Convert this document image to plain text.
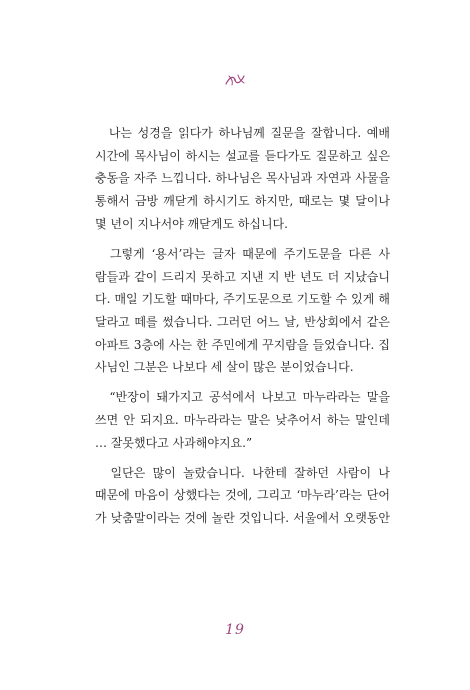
　나는 성경을 읽다가 하나님께 질문을 잘합니다. 예배
시간에 목사님이 하시는 설교를 듣다가도 질문하고 싶은
충동을 자주 느낍니다. 하나님은 목사님과 자연과 사물을
통해서 금방 깨닫게 하시기도 하지만, 때로는 몇 달이나
몇 년이 지나서야 깨닫게도 하십니다.
　그렇게 ‘용서’라는 글자 때문에 주기도문을 다른 사
람들과 같이 드리지 못하고 지낸 지 반 년도 더 지났습니
다. 매일 기도할 때마다, 주기도문으로 기도할 수 있게 해
달라고 떼를 썼습니다. 그러던 어느 날, 반상회에서 같은
아파트 3층에 사는 한 주민에게 꾸지람을 들었습니다. 집
사님인 그분은 나보다 세 살이 많은 분이었습니다.
　“반장이 돼가지고 공석에서 나보고 마누라라는 말을
쓰면 안 되지요. 마누라라는 말은 낮추어서 하는 말인데
… 잘못했다고 사과해야지요.”
　일단은 많이 놀랐습니다. 나한테 잘하던 사람이 나
때문에 마음이 상했다는 것에, 그리고 ‘마누라’라는 단어
가 낮춤말이라는 것에 놀란 것입니다. 서울에서 오랫동안
19
